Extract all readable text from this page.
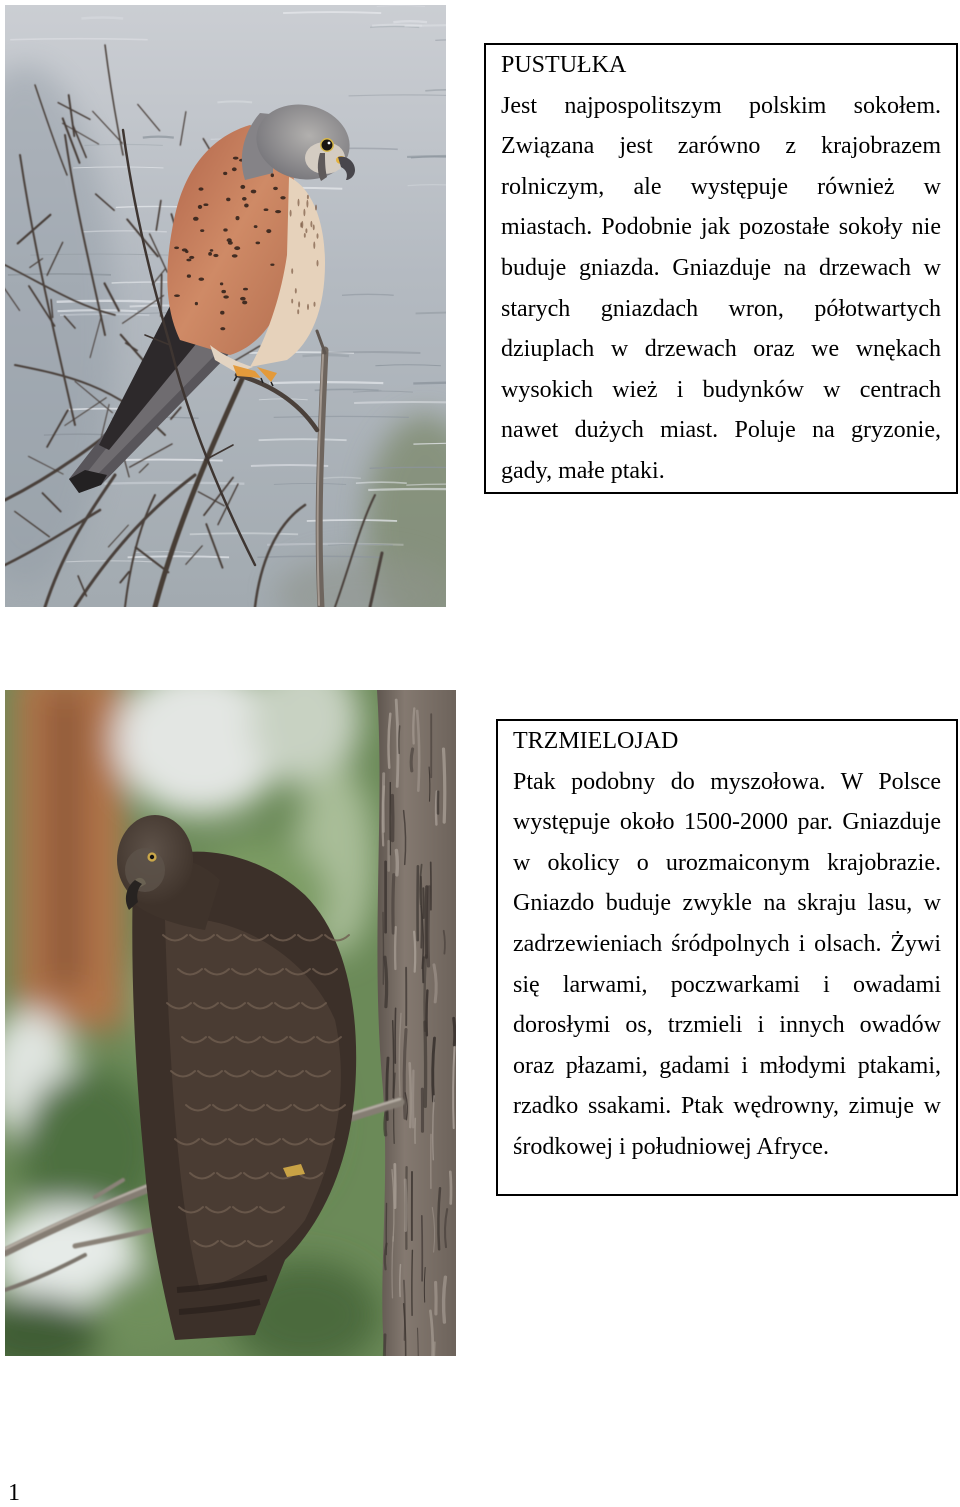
PUSTUŁKA
Jest najpospolitszym polskim sokołem.
Związana jest zarówno z krajobrazem
rolniczym, ale występuje również w
miastach. Podobnie jak pozostałe sokoły nie
buduje gniazda. Gniazduje na drzewach w
starych gniazdach wron, półotwartych
dziuplach w drzewach oraz we wnękach
wysokich wież i budynków w centrach
nawet dużych miast. Poluje na gryzonie,
gady, małe ptaki.
TRZMIELOJAD
Ptak podobny do myszołowa. W Polsce
występuje około 1500-2000 par. Gniazduje
w okolicy o urozmaiconym krajobrazie.
Gniazdo buduje zwykle na skraju lasu, w
zadrzewieniach śródpolnych i olsach. Żywi
się larwami, poczwarkami i owadami
dorosłymi os, trzmieli i innych owadów
oraz płazami, gadami i młodymi ptakami,
rzadko ssakami. Ptak wędrowny, zimuje w
środkowej i południowej Afryce.
1
